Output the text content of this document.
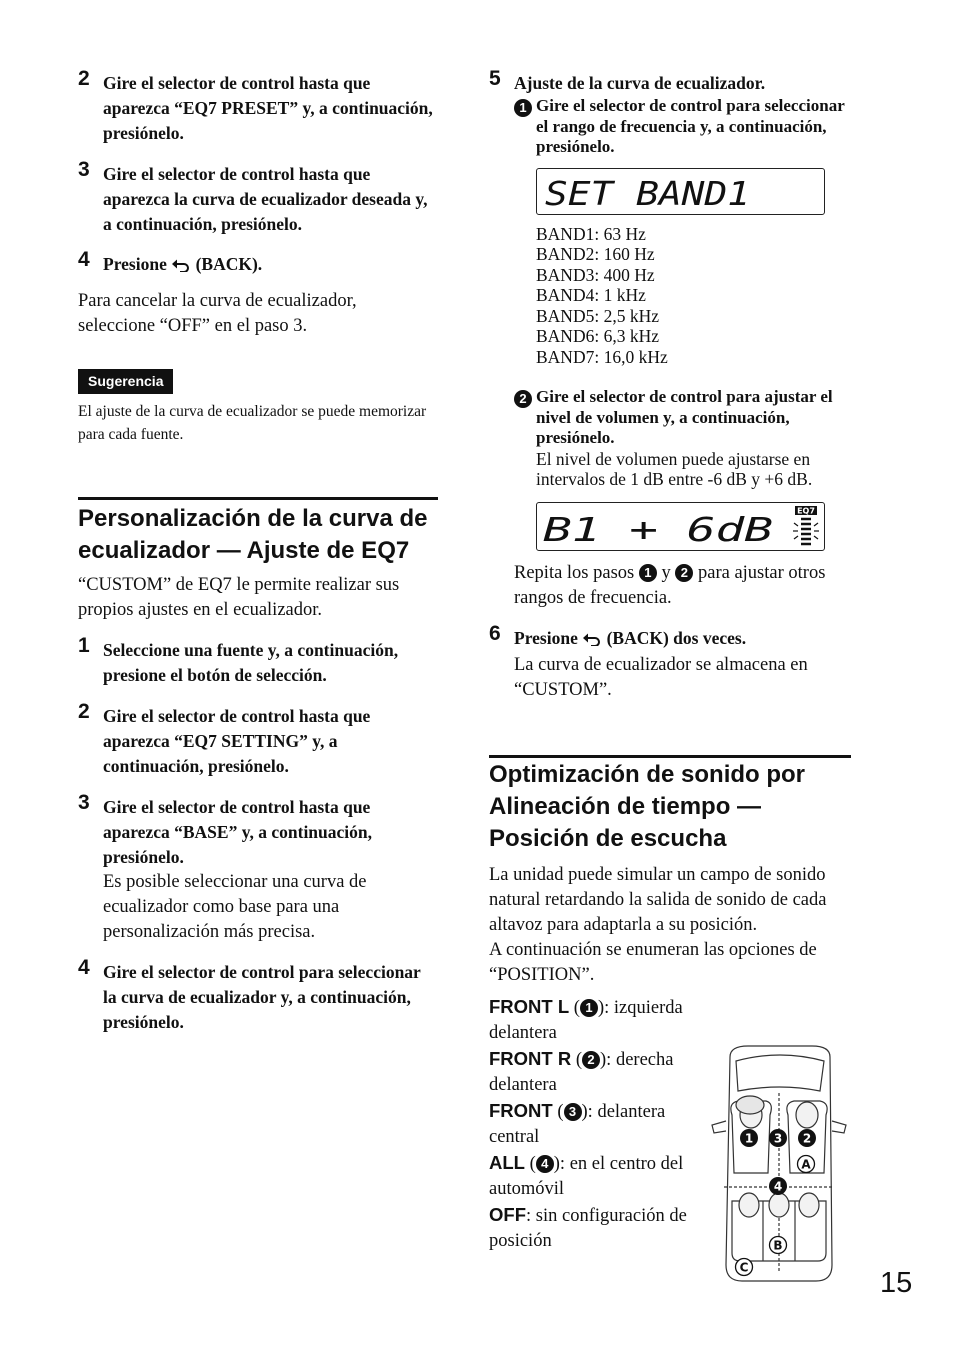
2 Gire el selector de control hasta que aparezca “EQ7 PRESET” y, a continuación, presiónelo.
3 Gire el selector de control hasta que aparezca la curva de ecualizador deseada y, a continuación, presiónelo.
4 Presione (BACK).
Para cancelar la curva de ecualizador, seleccione “OFF” en el paso 3.
Sugerencia
El ajuste de la curva de ecualizador se puede memorizar para cada fuente.
Personalización de la curva de ecualizador — Ajuste de EQ7
“CUSTOM” de EQ7 le permite realizar sus propios ajustes en el ecualizador.
1 Seleccione una fuente y, a continuación, presione el botón de selección.
2 Gire el selector de control hasta que aparezca “EQ7 SETTING” y, a continuación, presiónelo.
3 Gire el selector de control hasta que aparezca “BASE” y, a continuación, presiónelo.
Es posible seleccionar una curva de ecualizador como base para una personalización más precisa.
4 Gire el selector de control para seleccionar la curva de ecualizador y, a continuación, presiónelo.
5 Ajuste de la curva de ecualizador.
1 Gire el selector de control para seleccionar el rango de frecuencia y, a continuación, presiónelo.
SET BAND1
BAND1: 63 Hz
BAND2: 160 Hz
BAND3: 400 Hz
BAND4: 1 kHz
BAND5: 2,5 kHz
BAND6: 6,3 kHz
BAND7: 16,0 kHz
2 Gire el selector de control para ajustar el nivel de volumen y, a continuación, presiónelo.
El nivel de volumen puede ajustarse en intervalos de 1 dB entre -6 dB y +6 dB.
B1 + 6dB	EQ7
Repita los pasos 1 y 2 para ajustar otros rangos de frecuencia.
6 Presione (BACK) dos veces.
La curva de ecualizador se almacena en “CUSTOM”.
Optimización de sonido por Alineación de tiempo — Posición de escucha
La unidad puede simular un campo de sonido natural retardando la salida de sonido de cada altavoz para adaptarla a su posición.
A continuación se enumeran las opciones de “POSITION”.
FRONT L ( 1 ): izquierda delantera
FRONT R ( 2 ): derecha delantera
FRONT ( 3 ): delantera central
ALL ( 4 ): en el centro del automóvil
OFF: sin configuración de posición
1 3 2
4
A
B
C	15
